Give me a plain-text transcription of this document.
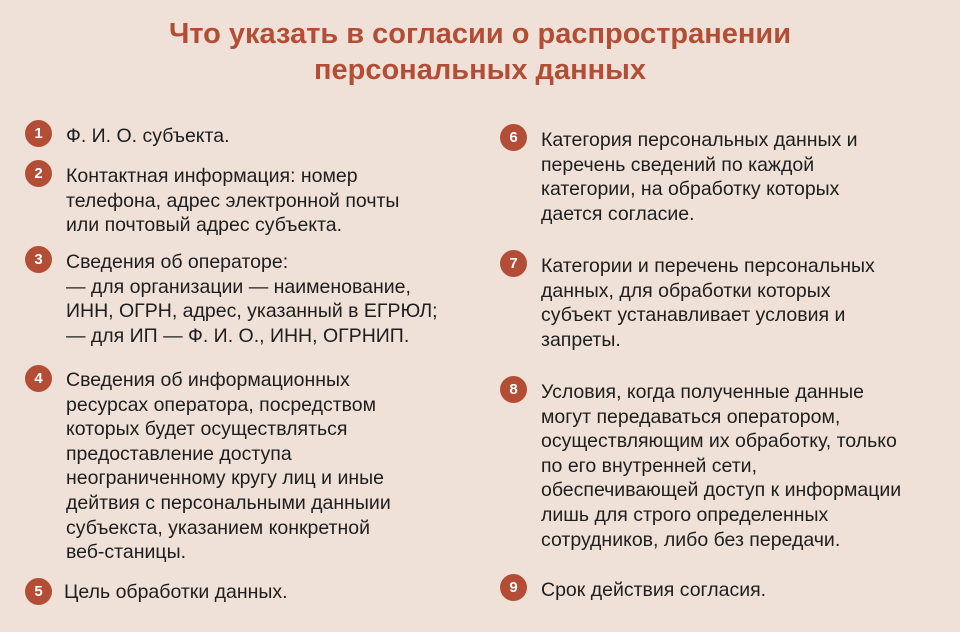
Что указать в согласии о распространении
персональных данных
1	Ф. И. О. субъекта.
2	Контактная информация: номер
телефона, адрес электронной почты
или почтовый адрес субъекта.
3	Сведения об операторе:
— для организации — наименование,
ИНН, ОГРН, адрес, указанный в ЕГРЮЛ;
— для ИП — Ф. И. О., ИНН, ОГРНИП.
4	Сведения об информационных
ресурсах оператора, посредством
которых будет осуществляться
предоставление доступа
неограниченному кругу лиц и иные
дейтвия с персональными данныии
субъекста, указанием конкретной
веб-станицы.
5	Цель обработки данных.
6	Категория персональных данных и
перечень сведений по каждой
категории, на обработку которых
дается согласие.
7	Категории и перечень персональных
данных, для обработки которых
субъект устанавливает условия и
запреты.
8	Условия, когда полученные данные
могут передаваться оператором,
осуществляющим их обработку, только
по его внутренней сети,
обеспечивающей доступ к информации
лишь для строго определенных
сотрудников, либо без передачи.
9	Срок действия согласия.
